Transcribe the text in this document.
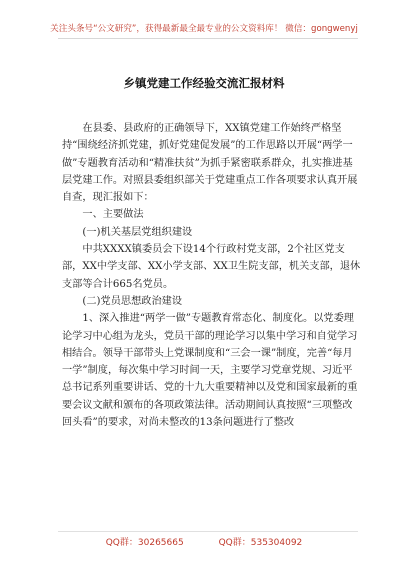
关注头条号“公文研究”，获得最新最全最专业的公文资料库！ 微信：gongwenyj
乡镇党建工作经验交流汇报材料

在县委、县政府的正确领导下，XX镇党建工作始终严格坚持“围绕经济抓党建，抓好党建促发展”的工作思路以开展“两学一做”专题教育活动和“精准扶贫”为抓手紧密联系群众，扎实推进基层党建工作。对照县委组织部关于党建重点工作各项要求认真开展自查，现汇报如下：

一、主要做法

(一)机关基层党组织建设

中共XXXX镇委员会下设14个行政村党支部，2个社区党支部，XX中学支部、XX小学支部、XX卫生院支部，机关支部，退休支部等合计665名党员。

(二)党员思想政治建设

1、深入推进“两学一做”专题教育常态化、制度化。以党委理论学习中心组为龙头，党员干部的理论学习以集中学习和自觉学习相结合。领导干部带头上党课制度和“三会一课”制度，完善“每月一学”制度，每次集中学习时间一天，主要学习党章党规、习近平总书记系列重要讲话、党的十九大重要精神以及党和国家最新的重要会议文献和颁布的各项政策法律。活动期间认真按照“三项整改回头看”的要求，对尚未整改的13条问题进行了整改

QQ群：30265665	QQ群：535304092
